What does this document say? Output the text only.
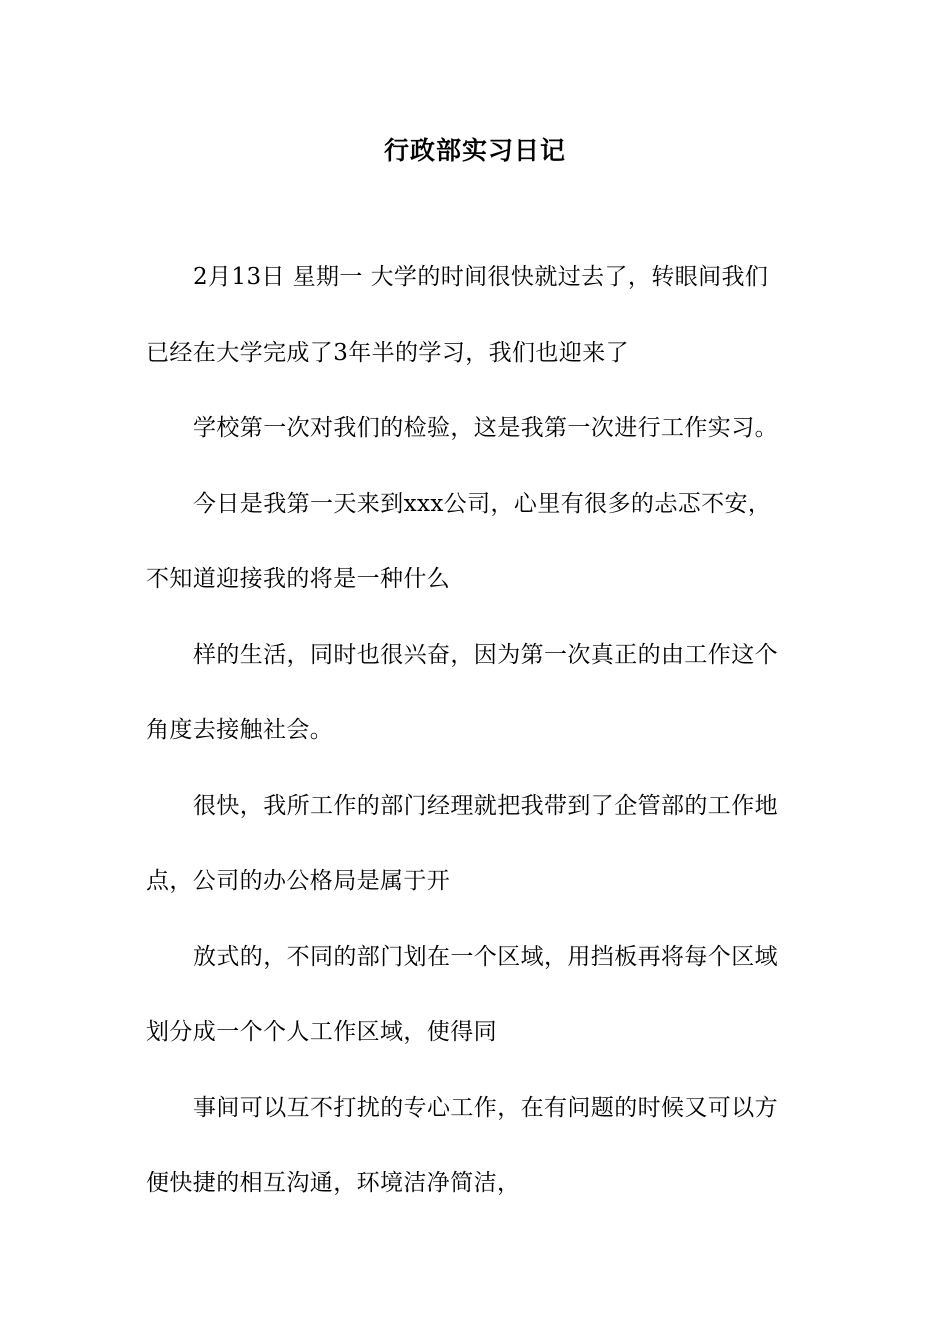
行政部实习日记
2月13日 星期一 大学的时间很快就过去了，转眼间我们
已经在大学完成了3年半的学习，我们也迎来了
学校第一次对我们的检验，这是我第一次进行工作实习。
今日是我第一天来到xxx公司，心里有很多的忐忑不安，
不知道迎接我的将是一种什么
样的生活，同时也很兴奋，因为第一次真正的由工作这个
角度去接触社会。
很快，我所工作的部门经理就把我带到了企管部的工作地
点，公司的办公格局是属于开
放式的，不同的部门划在一个区域，用挡板再将每个区域
划分成一个个人工作区域，使得同
事间可以互不打扰的专心工作，在有问题的时候又可以方
便快捷的相互沟通，环境洁净简洁，
